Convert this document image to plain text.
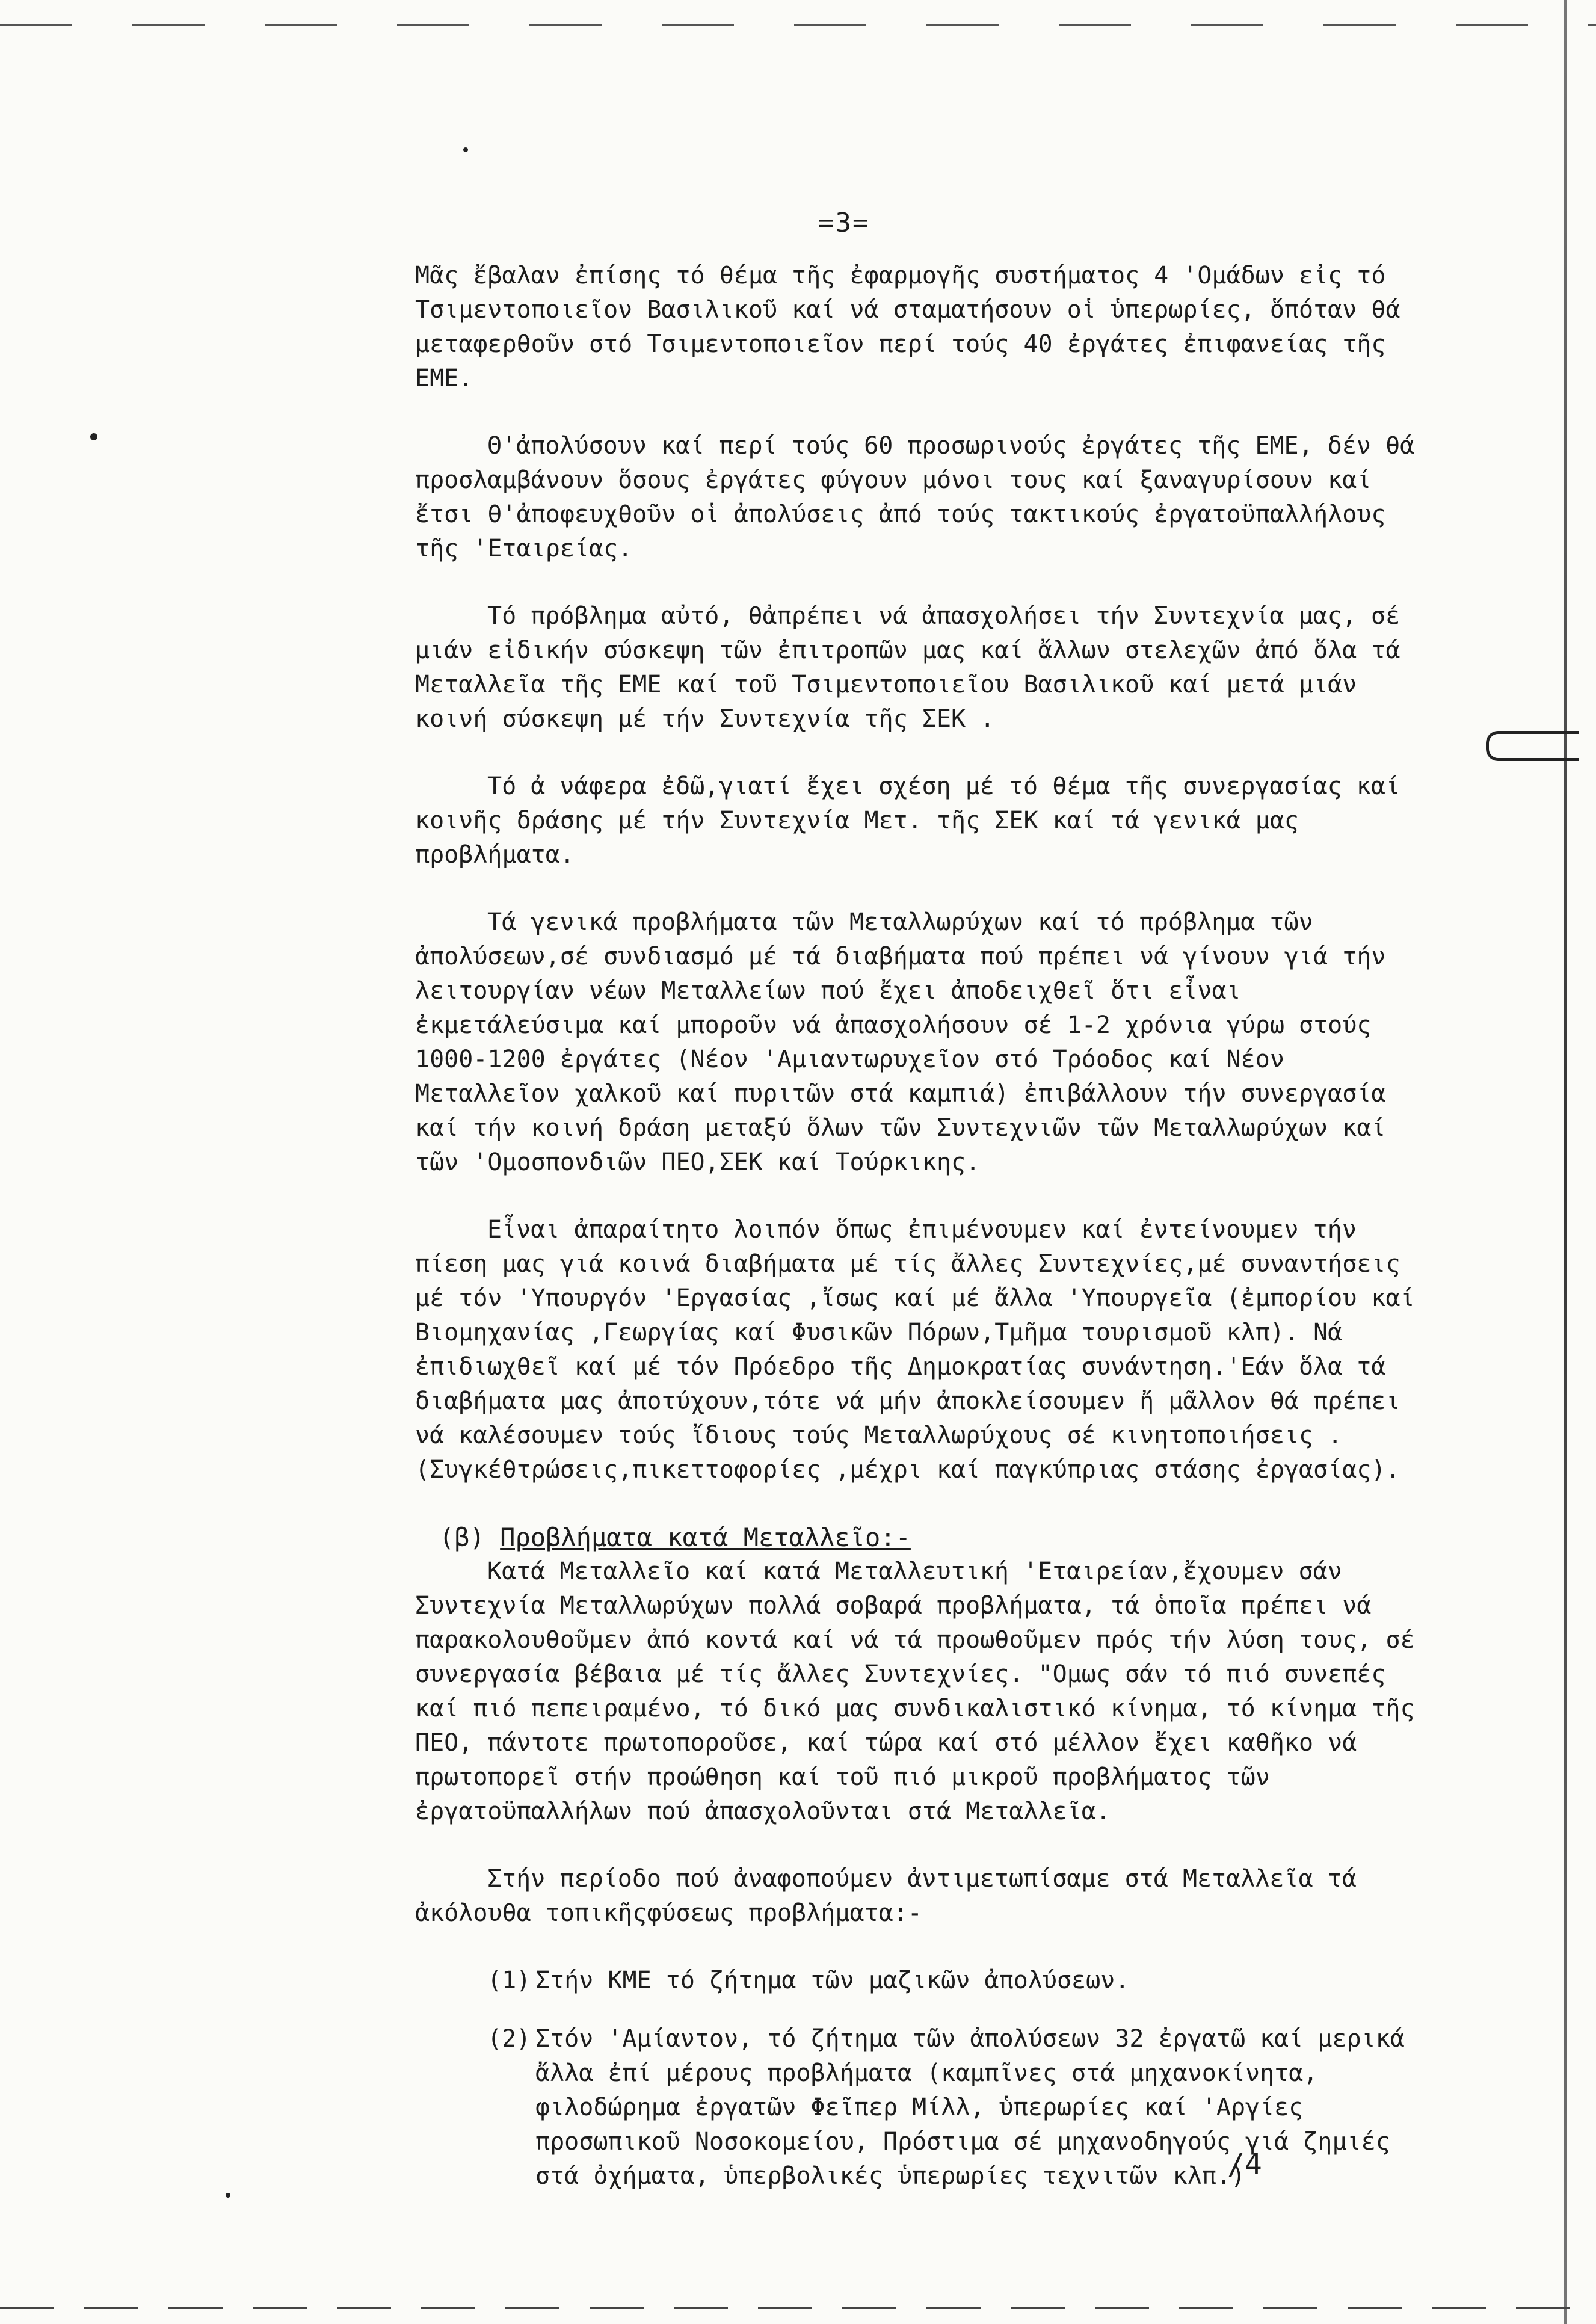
=3=

Μᾶς ἔβαλαν ἐπίσης τό θέμα τῆς ἐφαρμογῆς συστήματος 4 'Ομάδων εἰς τό Τσιμεντοποιεῖον Βασιλικοῦ καί νά σταματήσουν οἱ ὑπερωρίες, ὅπόταν θά μεταφερθοῦν στό Τσιμεντοποιεῖον περί τούς 40 ἐργάτες ἐπιφανείας τῆς ΕΜΕ.

Θ'ἀπολύσουν καί περί τούς 60 προσωρινούς ἐργάτες τῆς ΕΜΕ, δέν θά προσλαμβάνουν ὅσους ἐργάτες φύγουν μόνοι τους καί ξαναγυρίσουν καί ἔτσι θ'ἀποφευχθοῦν οἱ ἀπολύσεις ἀπό τούς τακτικούς ἐργατοϋπαλλήλους τῆς 'Εταιρείας.

Τό πρόβλημα αὐτό, θἀπρέπει νά ἀπασχολήσει τήν Συντεχνία μας, σέ μιάν εἰδικήν σύσκεψη τῶν ἐπιτροπῶν μας καί ἄλλων στελεχῶν ἀπό ὅλα τά Μεταλλεῖα τῆς ΕΜΕ καί τοῦ Τσιμεντοποιεῖου Βασιλικοῦ καί μετά μιάν κοινή σύσκεψη μέ τήν Συντεχνία τῆς ΣΕΚ .

Τό ἀ νάφερα ἐδῶ,γιατί ἔχει σχέση μέ τό θέμα τῆς συνεργασίας καί κοινῆς δράσης μέ τήν Συντεχνία Μετ. τῆς ΣΕΚ καί τά γενικά μας προβλήματα.

Τά γενικά προβλήματα τῶν Μεταλλωρύχων καί τό πρόβλημα τῶν ἀπολύσεων,σέ συνδιασμό μέ τά διαβήματα πού πρέπει νά γίνουν γιά τήν λειτουργίαν νέων Μεταλλείων πού ἔχει ἀποδειχθεῖ ὅτι εἶναι ἐκμετάλεύσιμα καί μποροῦν νά ἀπασχολήσουν σέ 1-2 χρόνια γύρω στούς 1000-1200 ἐργάτες (Νέον 'Αμιαντωρυχεῖον στό Τρόοδος καί Νέον Μεταλλεῖον χαλκοῦ καί πυριτῶν στά καμπιά) ἐπιβάλλουν τήν συνεργασία καί τήν κοινή δράση μεταξύ ὅλων τῶν Συντεχνιῶν τῶν Μεταλλωρύχων καί τῶν 'Ομοσπονδιῶν ΠΕΟ,ΣΕΚ καί Τούρκικης.

Εἶναι ἀπαραίτητο λοιπόν ὅπως ἐπιμένουμεν καί ἐντείνουμεν τήν πίεση μας γιά κοινά διαβήματα μέ τίς ἄλλες Συντεχνίες,μέ συναντήσεις μέ τόν 'Υπουργόν 'Εργασίας ,ἴσως καί μέ ἄλλα 'Υπουργεῖα (ἐμπορίου καί Βιομηχανίας ,Γεωργίας καί Φυσικῶν Πόρων,Τμῆμα τουρισμοῦ κλπ). Νά ἐπιδιωχθεῖ καί μέ τόν Πρόεδρο τῆς Δημοκρατίας συνάντηση.'Εάν ὅλα τά διαβήματα μας ἀποτύχουν,τότε νά μήν ἀποκλείσουμεν ἤ μᾶλλον θά πρέπει νά καλέσουμεν τούς ἴδιους τούς Μεταλλωρύχους σέ κινητοποιήσεις .(Συγκέθτρώσεις,πικεττοφορίες ,μέχρι καί παγκύπριας στάσης ἐργασίας).

(β) Προβλήματα κατά Μεταλλεῖο:-

Κατά Μεταλλεῖο καί κατά Μεταλλευτική 'Εταιρείαν,ἔχουμεν σάν Συντεχνία Μεταλλωρύχων πολλά σοβαρά προβλήματα, τά ὁποῖα πρέπει νά παρακολουθοῦμεν ἀπό κοντά καί νά τά προωθοῦμεν πρός τήν λύση τους, σέ συνεργασία βέβαια μέ τίς ἄλλες Συντεχνίες. "Ομως σάν τό πιό συνεπές καί πιό πεπειραμένο, τό δικό μας συνδικαλιστικό κίνημα, τό κίνημα τῆς ΠΕΟ, πάντοτε πρωτοποροῦσε, καί τώρα καί στό μέλλον ἔχει καθῆκο νά πρωτοπορεῖ στήν προώθηση καί τοῦ πιό μικροῦ προβλήματος τῶν ἐργατοϋπαλλήλων πού ἀπασχολοῦνται στά Μεταλλεῖα.

Στήν περίοδο πού ἀναφοπούμεν ἀντιμετωπίσαμε στά Μεταλλεῖα τά ἀκόλουθα τοπικῆςφύσεως προβλήματα:-

(1) Στήν ΚΜΕ τό ζήτημα τῶν μαζικῶν ἀπολύσεων.
(2) Στόν 'Αμίαντον, τό ζήτημα τῶν ἀπολύσεων 32 ἐργατῶ καί μερικά ἄλλα ἐπί μέρους προβλήματα (καμπῖνες στά μηχανοκίνητα, φιλοδώρημα ἐργατῶν Φεῖπερ Μίλλ, ὑπερωρίες καί 'Αργίες προσωπικοῦ Νοσοκομείου, Πρόστιμα σέ μηχανοδηγούς γιά ζημιές στά ὀχήματα, ὑπερβολικές ὑπερωρίες τεχνιτῶν κλπ.)
/4
